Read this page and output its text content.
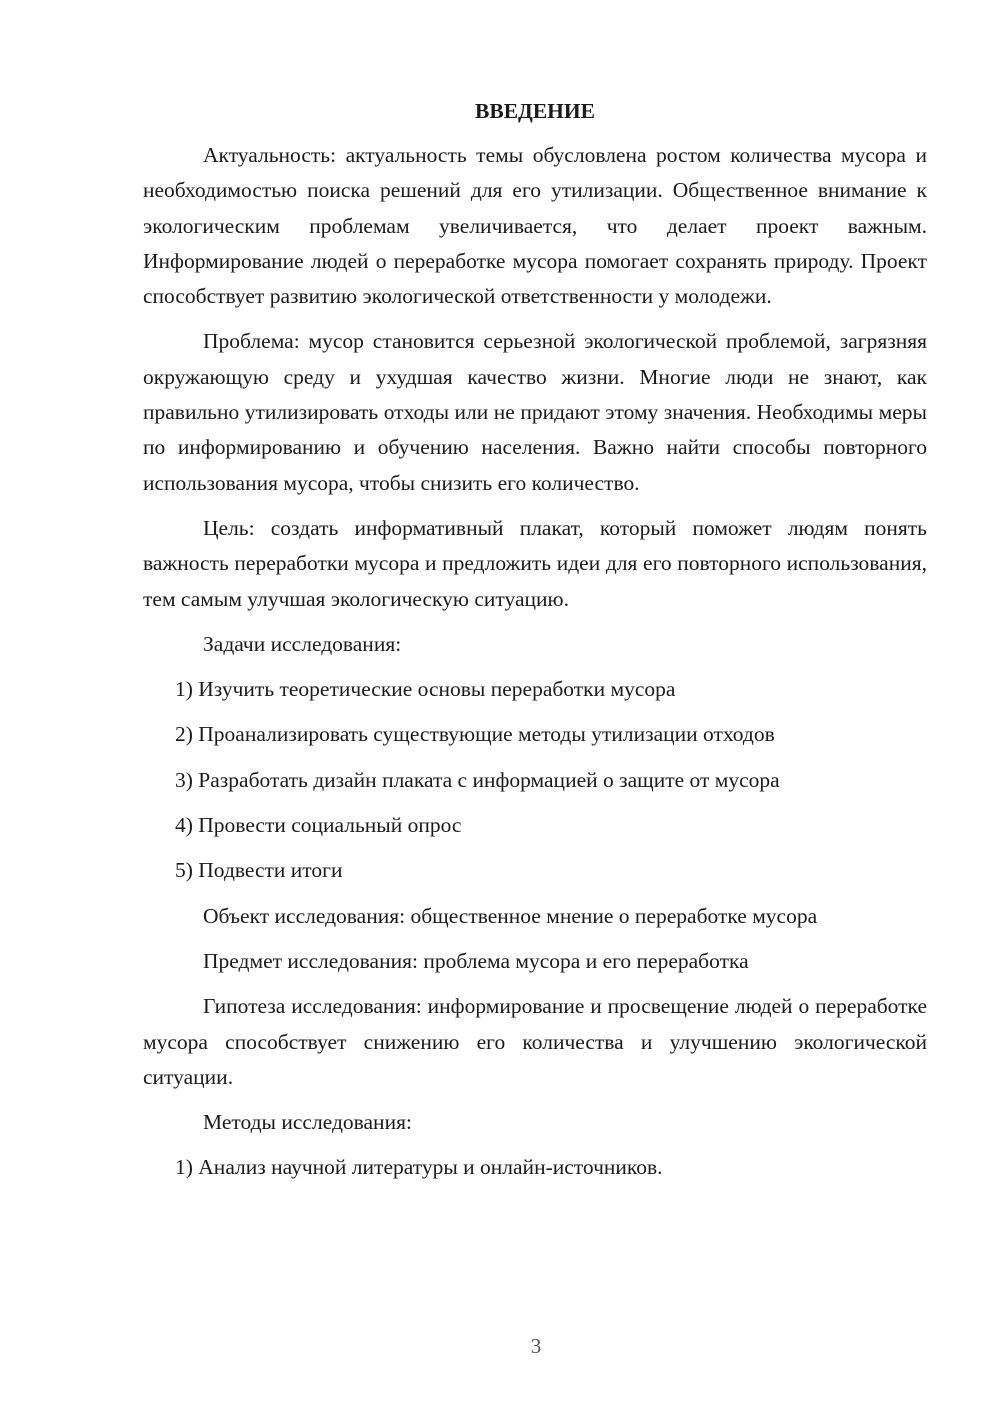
ВВЕДЕНИЕ

Актуальность: актуальность темы обусловлена ростом количества мусора и необходимостью поиска решений для его утилизации. Общественное внимание к экологическим проблемам увеличивается, что делает проект важным. Информирование людей о переработке мусора помогает сохранять природу. Проект способствует развитию экологической ответственности у молодежи.

Проблема: мусор становится серьезной экологической проблемой, загрязняя окружающую среду и ухудшая качество жизни. Многие люди не знают, как правильно утилизировать отходы или не придают этому значения. Необходимы меры по информированию и обучению населения. Важно найти способы повторного использования мусора, чтобы снизить его количество.

Цель: создать информативный плакат, который поможет людям понять важность переработки мусора и предложить идеи для его повторного использования, тем самым улучшая экологическую ситуацию.

Задачи исследования:
1) Изучить теоретические основы переработки мусора
2) Проанализировать существующие методы утилизации отходов
3) Разработать дизайн плаката с информацией о защите от мусора
4) Провести социальный опрос
5) Подвести итоги
Объект исследования: общественное мнение о переработке мусора
Предмет исследования: проблема мусора и его переработка

Гипотеза исследования: информирование и просвещение людей о переработке мусора способствует снижению его количества и улучшению экологической ситуации.

Методы исследования:
1) Анализ научной литературы и онлайн-источников.
3
